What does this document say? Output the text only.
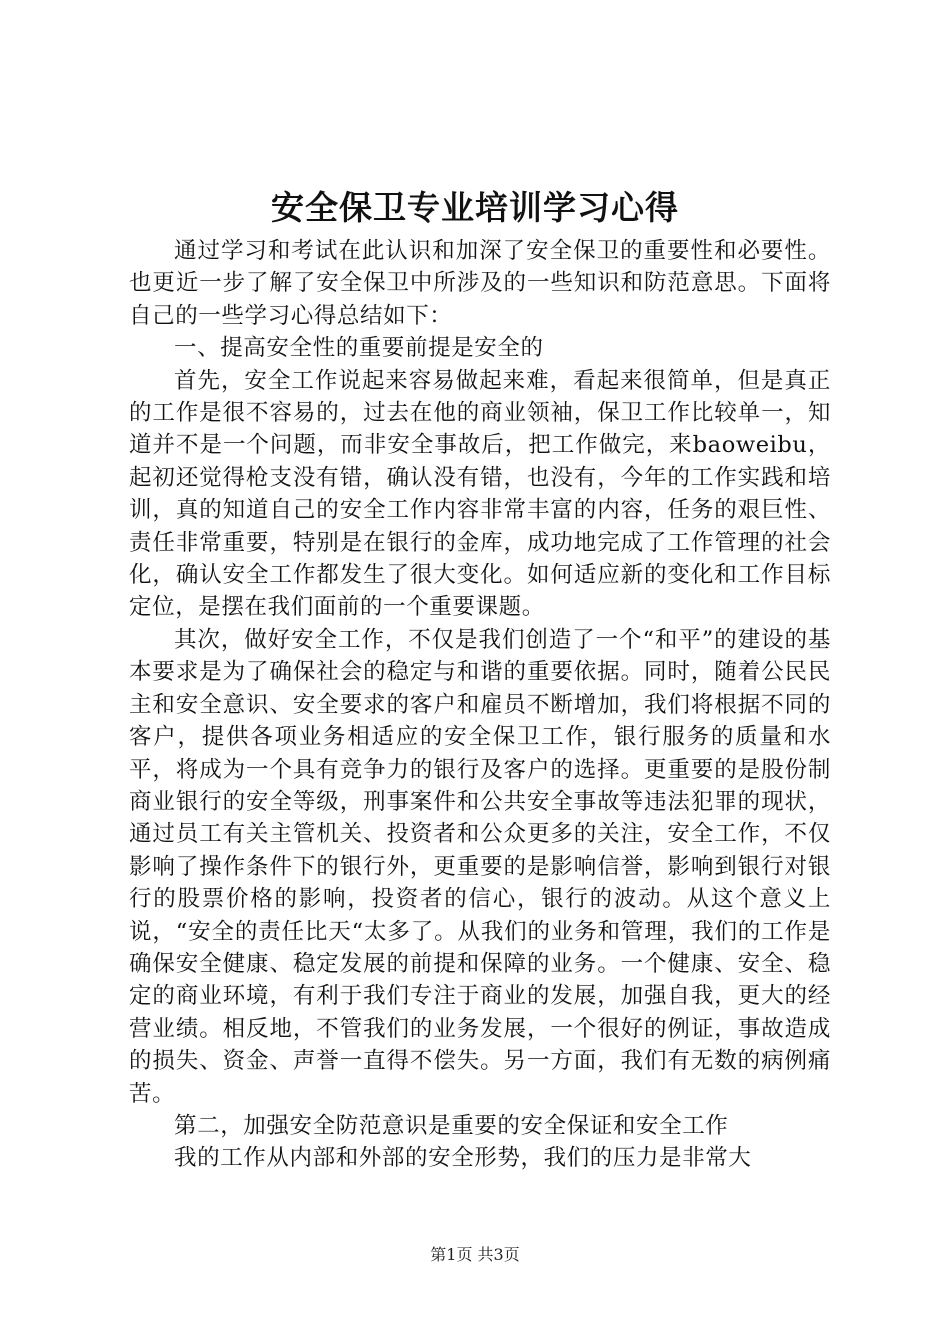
安全保卫专业培训学习心得

通过学习和考试在此认识和加深了安全保卫的重要性和必要性。也更近一步了解了安全保卫中所涉及的一些知识和防范意思。下面将自己的一些学习心得总结如下：

一、提高安全性的重要前提是安全的

首先，安全工作说起来容易做起来难，看起来很简单，但是真正的工作是很不容易的，过去在他的商业领袖，保卫工作比较单一，知道并不是一个问题，而非安全事故后，把工作做完，来baoweibu，起初还觉得枪支没有错，确认没有错，也没有，今年的工作实践和培训，真的知道自己的安全工作内容非常丰富的内容，任务的艰巨性、责任非常重要，特别是在银行的金库，成功地完成了工作管理的社会化，确认安全工作都发生了很大变化。如何适应新的变化和工作目标定位，是摆在我们面前的一个重要课题。

其次，做好安全工作，不仅是我们创造了一个“和平”的建设的基本要求是为了确保社会的稳定与和谐的重要依据。同时，随着公民民主和安全意识、安全要求的客户和雇员不断增加，我们将根据不同的客户，提供各项业务相适应的安全保卫工作，银行服务的质量和水平，将成为一个具有竞争力的银行及客户的选择。更重要的是股份制商业银行的安全等级，刑事案件和公共安全事故等违法犯罪的现状，通过员工有关主管机关、投资者和公众更多的关注，安全工作，不仅影响了操作条件下的银行外，更重要的是影响信誉，影响到银行对银行的股票价格的影响，投资者的信心，银行的波动。从这个意义上说，“安全的责任比天“太多了。从我们的业务和管理，我们的工作是确保安全健康、稳定发展的前提和保障的业务。一个健康、安全、稳定的商业环境，有利于我们专注于商业的发展，加强自我，更大的经营业绩。相反地，不管我们的业务发展，一个很好的例证，事故造成的损失、资金、声誉一直得不偿失。另一方面，我们有无数的病例痛苦。

第二，加强安全防范意识是重要的安全保证和安全工作

我的工作从内部和外部的安全形势，我们的压力是非常大

第1页 共3页
